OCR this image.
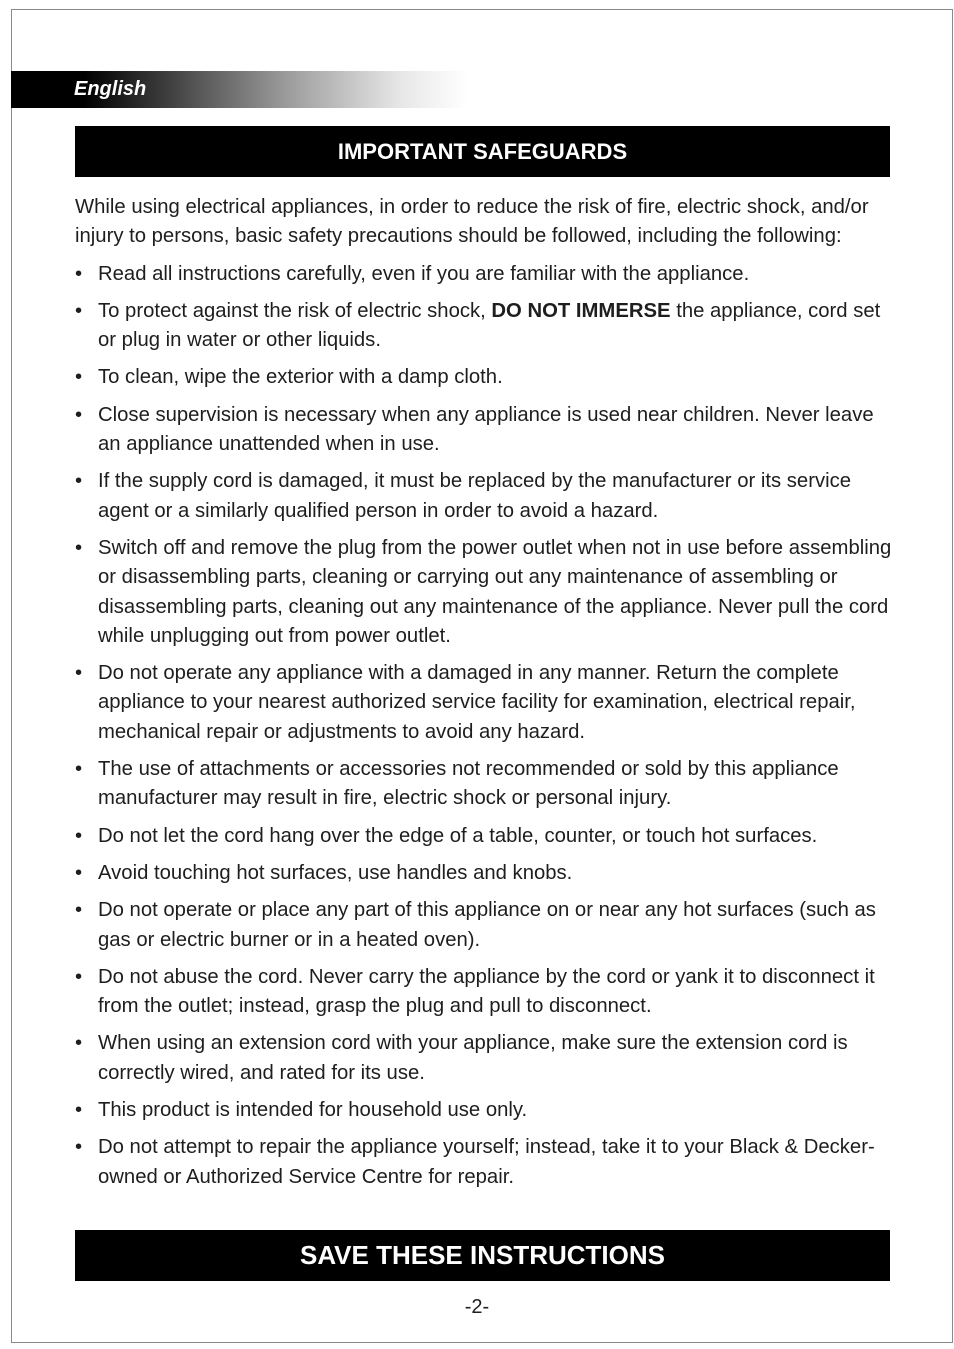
English
IMPORTANT SAFEGUARDS

While using electrical appliances, in order to reduce the risk of fire, electric shock, and/or injury to persons, basic safety precautions should be followed, including the following:

• Read all instructions carefully, even if you are familiar with the appliance.
• To protect against the risk of electric shock, DO NOT IMMERSE the appliance, cord set or plug in water or other liquids.
• To clean, wipe the exterior with a damp cloth.
• Close supervision is necessary when any appliance is used near children. Never leave an appliance unattended when in use.
• If the supply cord is damaged, it must be replaced by the manufacturer or its service agent or a similarly qualified person in order to avoid a hazard.
• Switch off and remove the plug from the power outlet when not in use before assembling or disassembling parts, cleaning or carrying out any maintenance of assembling or disassembling parts, cleaning out any maintenance of the appliance. Never pull the cord while unplugging out from power outlet.
• Do not operate any appliance with a damaged in any manner. Return the complete appliance to your nearest authorized service facility for examination, electrical repair, mechanical repair or adjustments to avoid any hazard.
• The use of attachments or accessories not recommended or sold by this appliance manufacturer may result in fire, electric shock or personal injury.
• Do not let the cord hang over the edge of a table, counter, or touch hot surfaces.
• Avoid touching hot surfaces, use handles and knobs.
• Do not operate or place any part of this appliance on or near any hot surfaces (such as gas or electric burner or in a heated oven).
• Do not abuse the cord. Never carry the appliance by the cord or yank it to disconnect it from the outlet; instead, grasp the plug and pull to disconnect.
• When using an extension cord with your appliance, make sure the extension cord is correctly wired, and rated for its use.
• This product is intended for household use only.
• Do not attempt to repair the appliance yourself; instead, take it to your Black & Decker-owned or Authorized Service Centre for repair.
SAVE THESE INSTRUCTIONS
-2-
